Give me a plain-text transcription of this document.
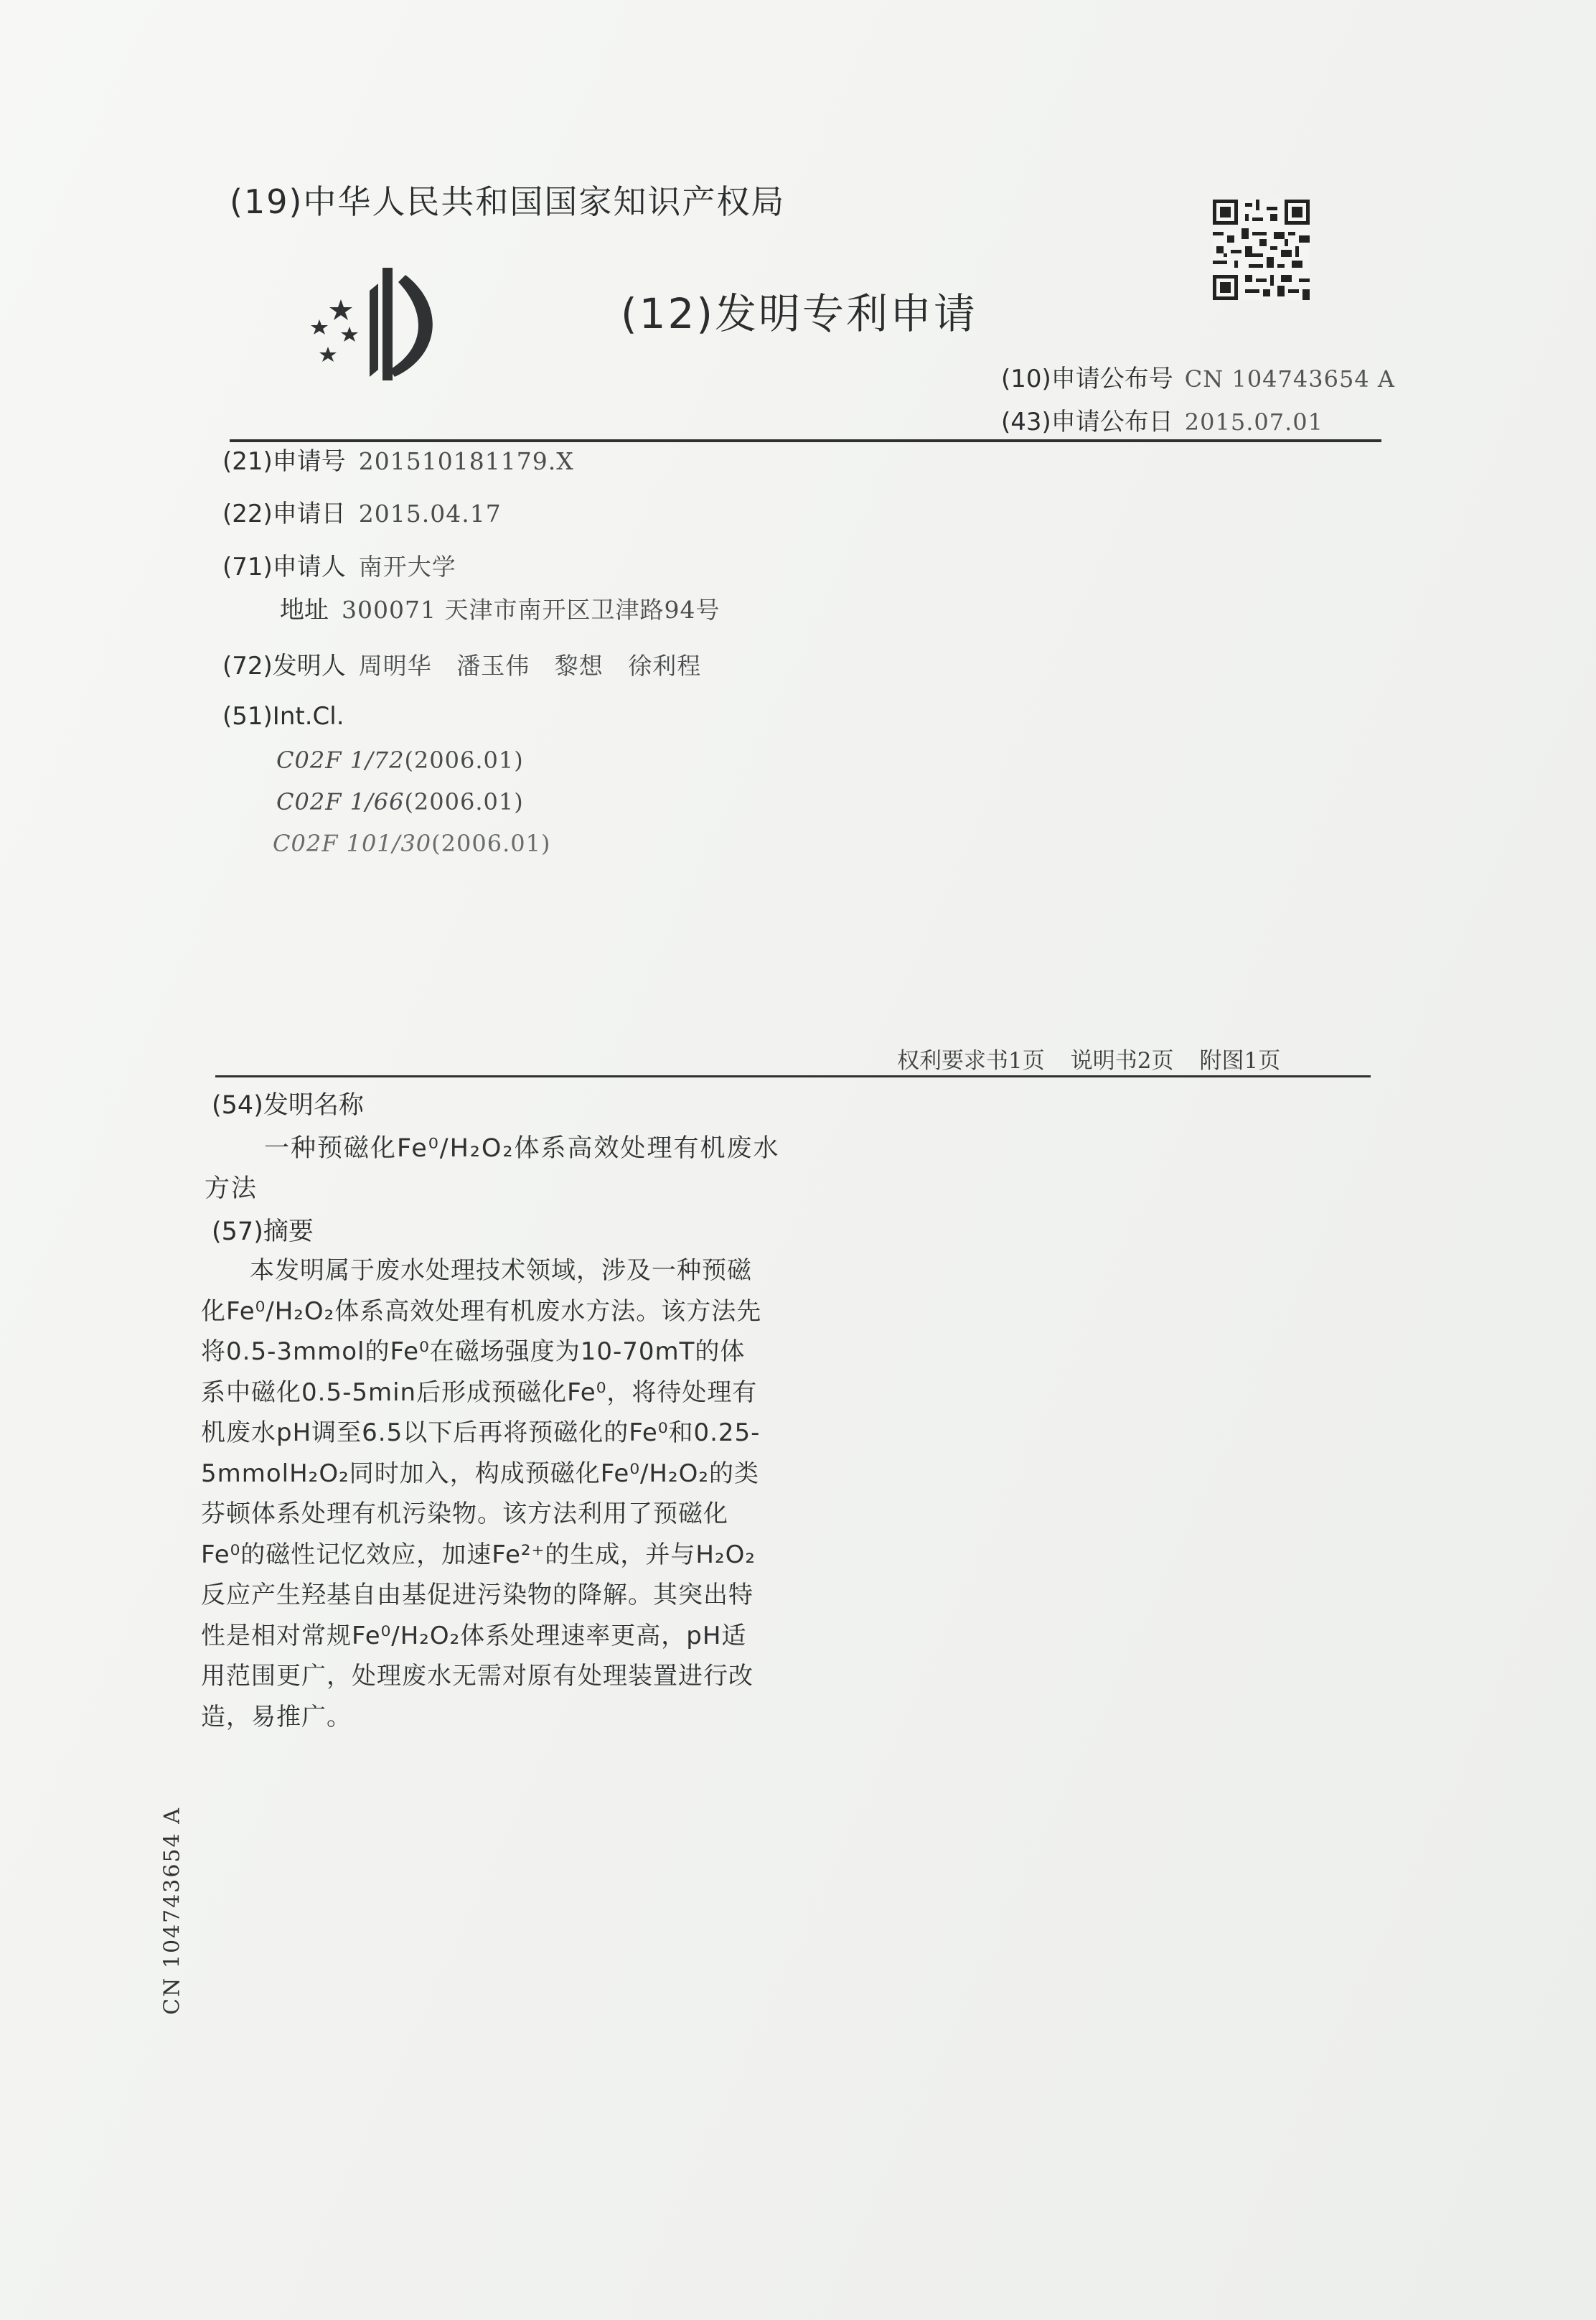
(19)中华人民共和国国家知识产权局
(12)发明专利申请
(10)申请公布号 CN 104743654 A
(43)申请公布日 2015.07.01
(21)申请号 201510181179.X
(22)申请日 2015.04.17
(71)申请人 南开大学
地址 300071 天津市南开区卫津路94号
(72)发明人 周明华   潘玉伟   黎想   徐利程
(51)Int.Cl.
C02F 1/72(2006.01)
C02F 1/66(2006.01)
C02F 101/30(2006.01)
权利要求书1页 说明书2页 附图1页
(54)发明名称
一种预磁化Fe⁰/H₂O₂体系高效处理有机废水
方法
(57)摘要
本发明属于废水处理技术领域，涉及一种预磁化Fe⁰/H₂O₂体系高效处理有机废水方法。该方法先将0.5-3mmol的Fe⁰在磁场强度为10-70mT的体系中磁化0.5-5min后形成预磁化Fe⁰，将待处理有机废水pH调至6.5以下后再将预磁化的Fe⁰和0.25-5mmolH₂O₂同时加入，构成预磁化Fe⁰/H₂O₂的类芬顿体系处理有机污染物。该方法利用了预磁化Fe⁰的磁性记忆效应，加速Fe²⁺的生成，并与H₂O₂反应产生羟基自由基促进污染物的降解。其突出特性是相对常规Fe⁰/H₂O₂体系处理速率更高，pH适用范围更广，处理废水无需对原有处理装置进行改造，易推广。
CN 104743654 A
